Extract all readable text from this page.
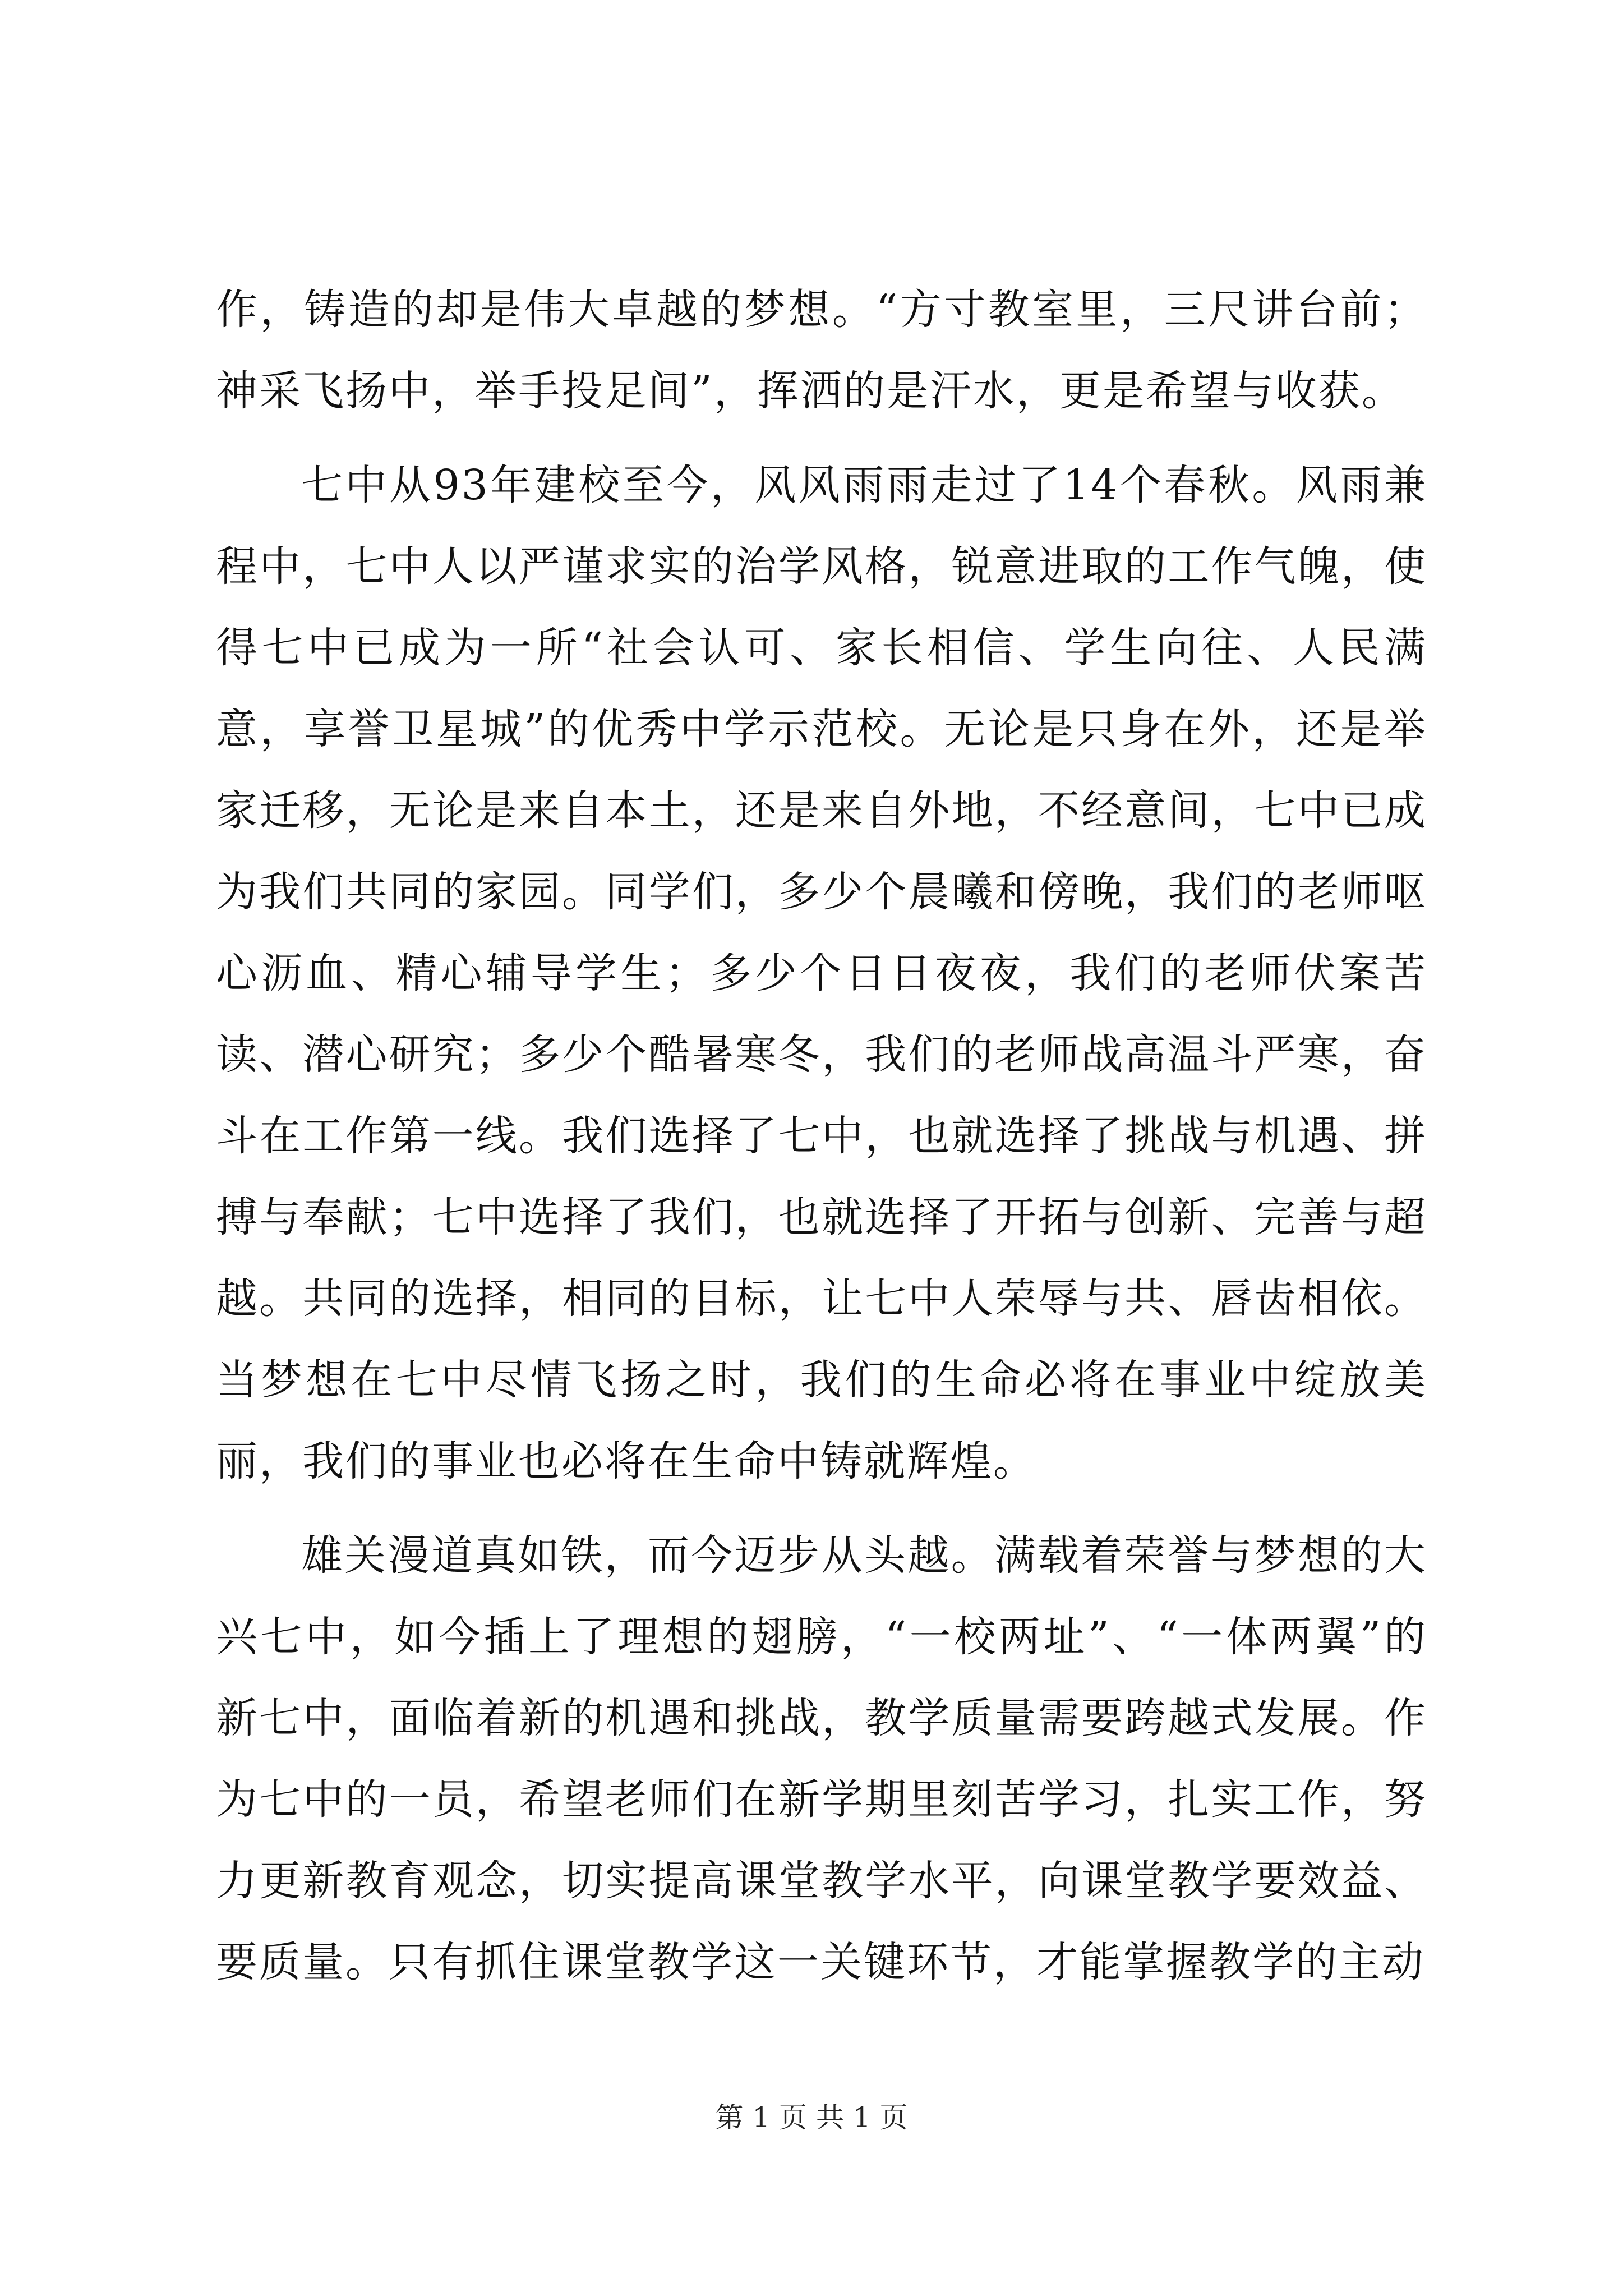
作，铸造的却是伟大卓越的梦想。“方寸教室里，三尺讲台前；神采飞扬中，举手投足间”，挥洒的是汗水，更是希望与收获。

七中从93年建校至今，风风雨雨走过了14个春秋。风雨兼程中，七中人以严谨求实的治学风格，锐意进取的工作气魄，使得七中已成为一所“社会认可、家长相信、学生向往、人民满意，享誉卫星城”的优秀中学示范校。无论是只身在外，还是举家迁移，无论是来自本土，还是来自外地，不经意间，七中已成为我们共同的家园。同学们，多少个晨曦和傍晚，我们的老师呕心沥血、精心辅导学生；多少个日日夜夜，我们的老师伏案苦读、潜心研究；多少个酷暑寒冬，我们的老师战高温斗严寒，奋斗在工作第一线。我们选择了七中，也就选择了挑战与机遇、拼搏与奉献；七中选择了我们，也就选择了开拓与创新、完善与超越。共同的选择，相同的目标，让七中人荣辱与共、唇齿相依。当梦想在七中尽情飞扬之时，我们的生命必将在事业中绽放美丽，我们的事业也必将在生命中铸就辉煌。

雄关漫道真如铁，而今迈步从头越。满载着荣誉与梦想的大兴七中，如今插上了理想的翅膀，“一校两址”、“一体两翼”的新七中，面临着新的机遇和挑战，教学质量需要跨越式发展。作为七中的一员，希望老师们在新学期里刻苦学习，扎实工作，努力更新教育观念，切实提高课堂教学水平，向课堂教学要效益、要质量。只有抓住课堂教学这一关键环节，才能掌握教学的主动

第 1 页 共 1 页
